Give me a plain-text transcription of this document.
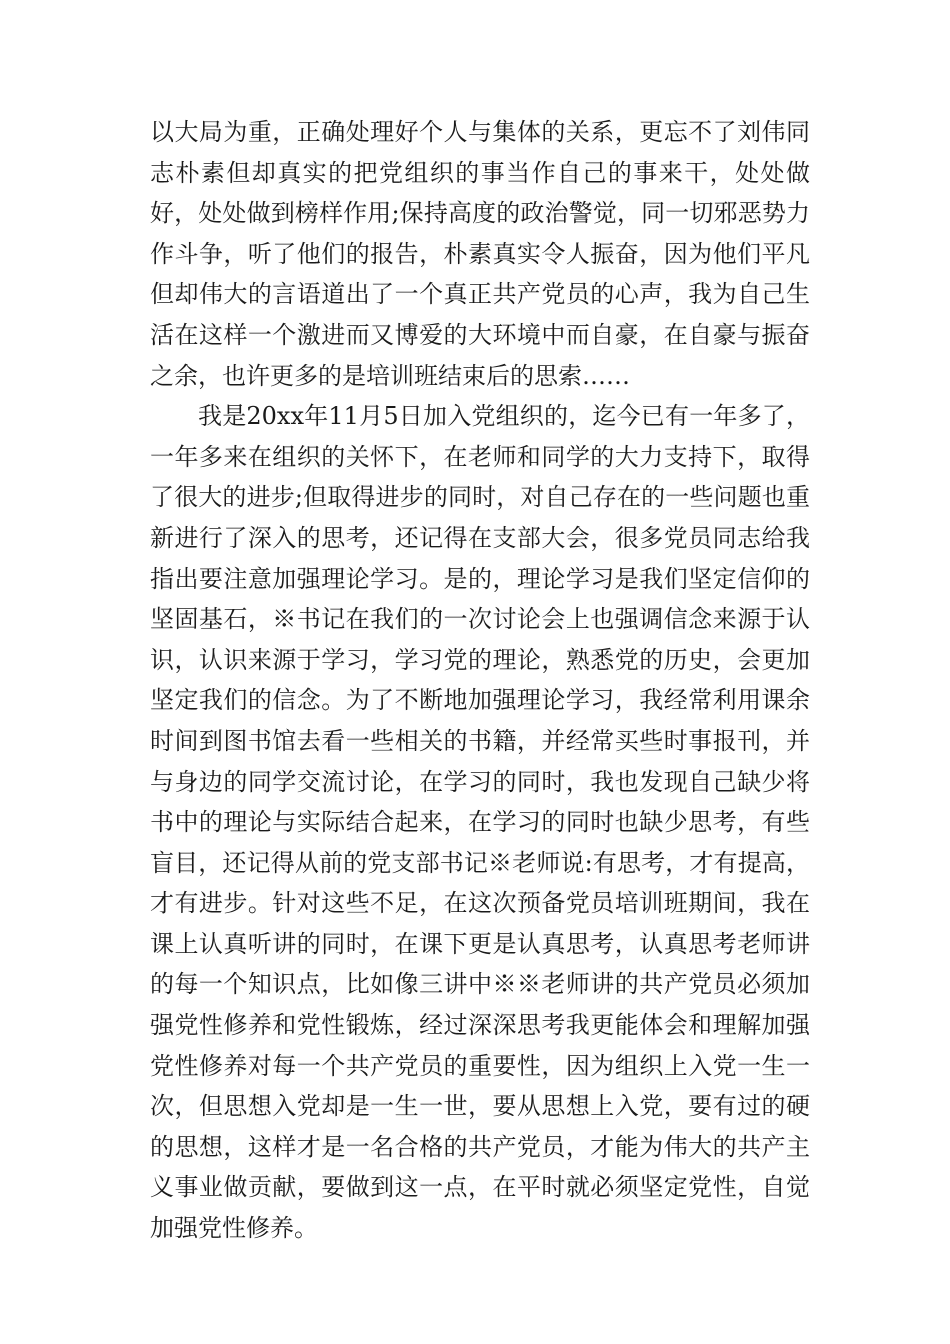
以大局为重，正确处理好个人与集体的关系，更忘不了刘伟同志朴素但却真实的把党组织的事当作自己的事来干，处处做好，处处做到榜样作用;保持高度的政治警觉，同一切邪恶势力作斗争，听了他们的报告，朴素真实令人振奋，因为他们平凡但却伟大的言语道出了一个真正共产党员的心声，我为自己生活在这样一个激进而又博爱的大环境中而自豪，在自豪与振奋之余，也许更多的是培训班结束后的思索……

我是20xx年11月5日加入党组织的，迄今已有一年多了，一年多来在组织的关怀下，在老师和同学的大力支持下，取得了很大的进步;但取得进步的同时，对自己存在的一些问题也重新进行了深入的思考，还记得在支部大会，很多党员同志给我指出要注意加强理论学习。是的，理论学习是我们坚定信仰的坚固基石，※书记在我们的一次讨论会上也强调信念来源于认识，认识来源于学习，学习党的理论，熟悉党的历史，会更加坚定我们的信念。为了不断地加强理论学习，我经常利用课余时间到图书馆去看一些相关的书籍，并经常买些时事报刊，并与身边的同学交流讨论，在学习的同时，我也发现自己缺少将书中的理论与实际结合起来，在学习的同时也缺少思考，有些盲目，还记得从前的党支部书记※老师说:有思考，才有提高，才有进步。针对这些不足，在这次预备党员培训班期间，我在课上认真听讲的同时，在课下更是认真思考，认真思考老师讲的每一个知识点，比如像三讲中※※老师讲的共产党员必须加强党性修养和党性锻炼，经过深深思考我更能体会和理解加强党性修养对每一个共产党员的重要性，因为组织上入党一生一次，但思想入党却是一生一世，要从思想上入党，要有过的硬的思想，这样才是一名合格的共产党员，才能为伟大的共产主义事业做贡献，要做到这一点，在平时就必须坚定党性，自觉加强党性修养。
